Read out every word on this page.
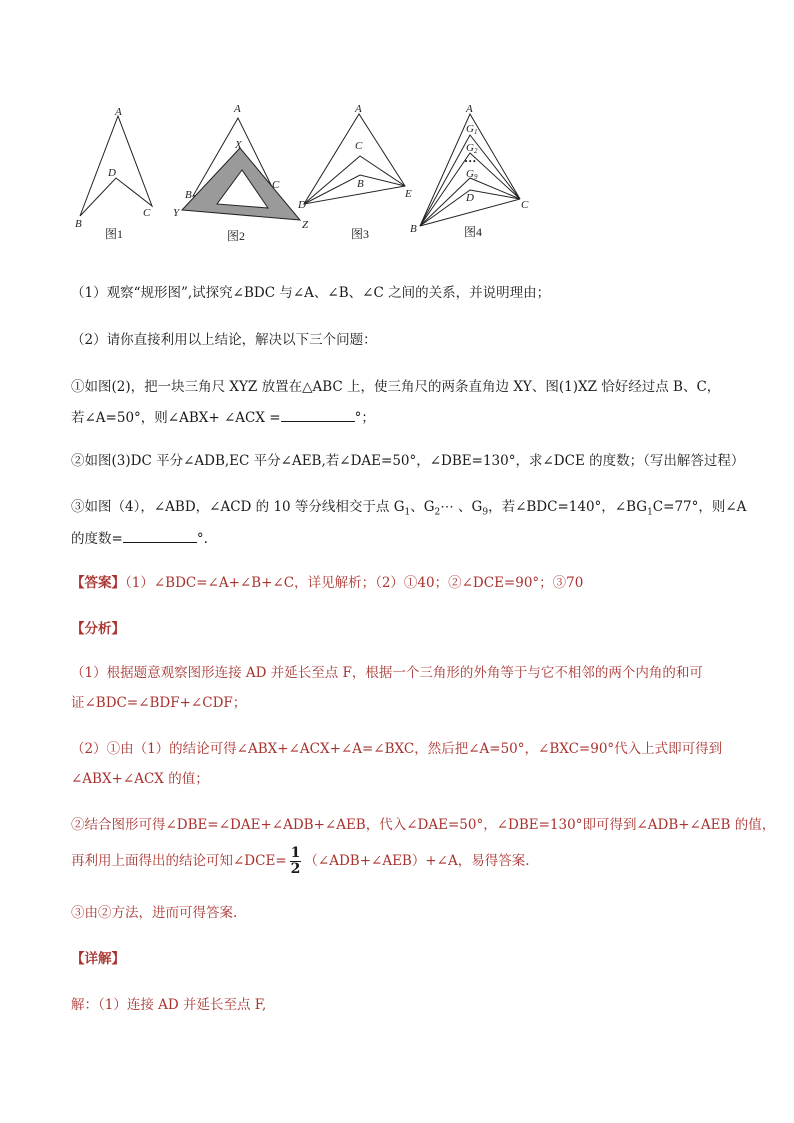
A
D
B
C
图1
A
X
B
C
Y
Z
图2
A
C
B
D
E
图3
A
G1
G2
•••
G9
D
C
B	图4
（1）观察“规形图”,试探究∠BDC 与∠A、∠B、∠C 之间的关系，并说明理由；
（2）请你直接利用以上结论，解决以下三个问题：
①如图(2)，把一块三角尺 XYZ 放置在△ABC 上，使三角尺的两条直角边 XY、图(1)XZ 恰好经过点 B、C，
若∠A=50°，则∠ABX+ ∠ACX =	°；
②如图(3)DC 平分∠ADB,EC 平分∠AEB,若∠DAE=50°，∠DBE=130°，求∠DCE 的度数；（写出解答过程）
③如图（4），∠ABD，∠ACD 的 10 等分线相交于点 $G_1$、$G_2\cdots$ 、$G_9$，若∠BDC=140°，$\angle BG_1C=77^\circ$，则∠A
的度数=	°.
【答案】（1）∠BDC=∠A+∠B+∠C，详见解析；（2）①40；②∠DCE=90°；③70
【分析】
（1）根据题意观察图形连接 AD 并延长至点 F，根据一个三角形的外角等于与它不相邻的两个内角的和可
证∠BDC=∠BDF+∠CDF；
（2）①由（1）的结论可得∠ABX+∠ACX+∠A=∠BXC，然后把∠A=50°，∠BXC=90°代入上式即可得到
∠ABX+∠ACX 的值；
②结合图形可得∠DBE=∠DAE+∠ADB+∠AEB，代入∠DAE=50°，∠DBE=130°即可得到∠ADB+∠AEB 的值，
再利用上面得出的结论可知∠DCE= $\frac{1}{2}$ （∠ADB+∠AEB）+∠A，易得答案.
③由②方法，进而可得答案.
【详解】
解：（1）连接 AD 并延长至点 F,
